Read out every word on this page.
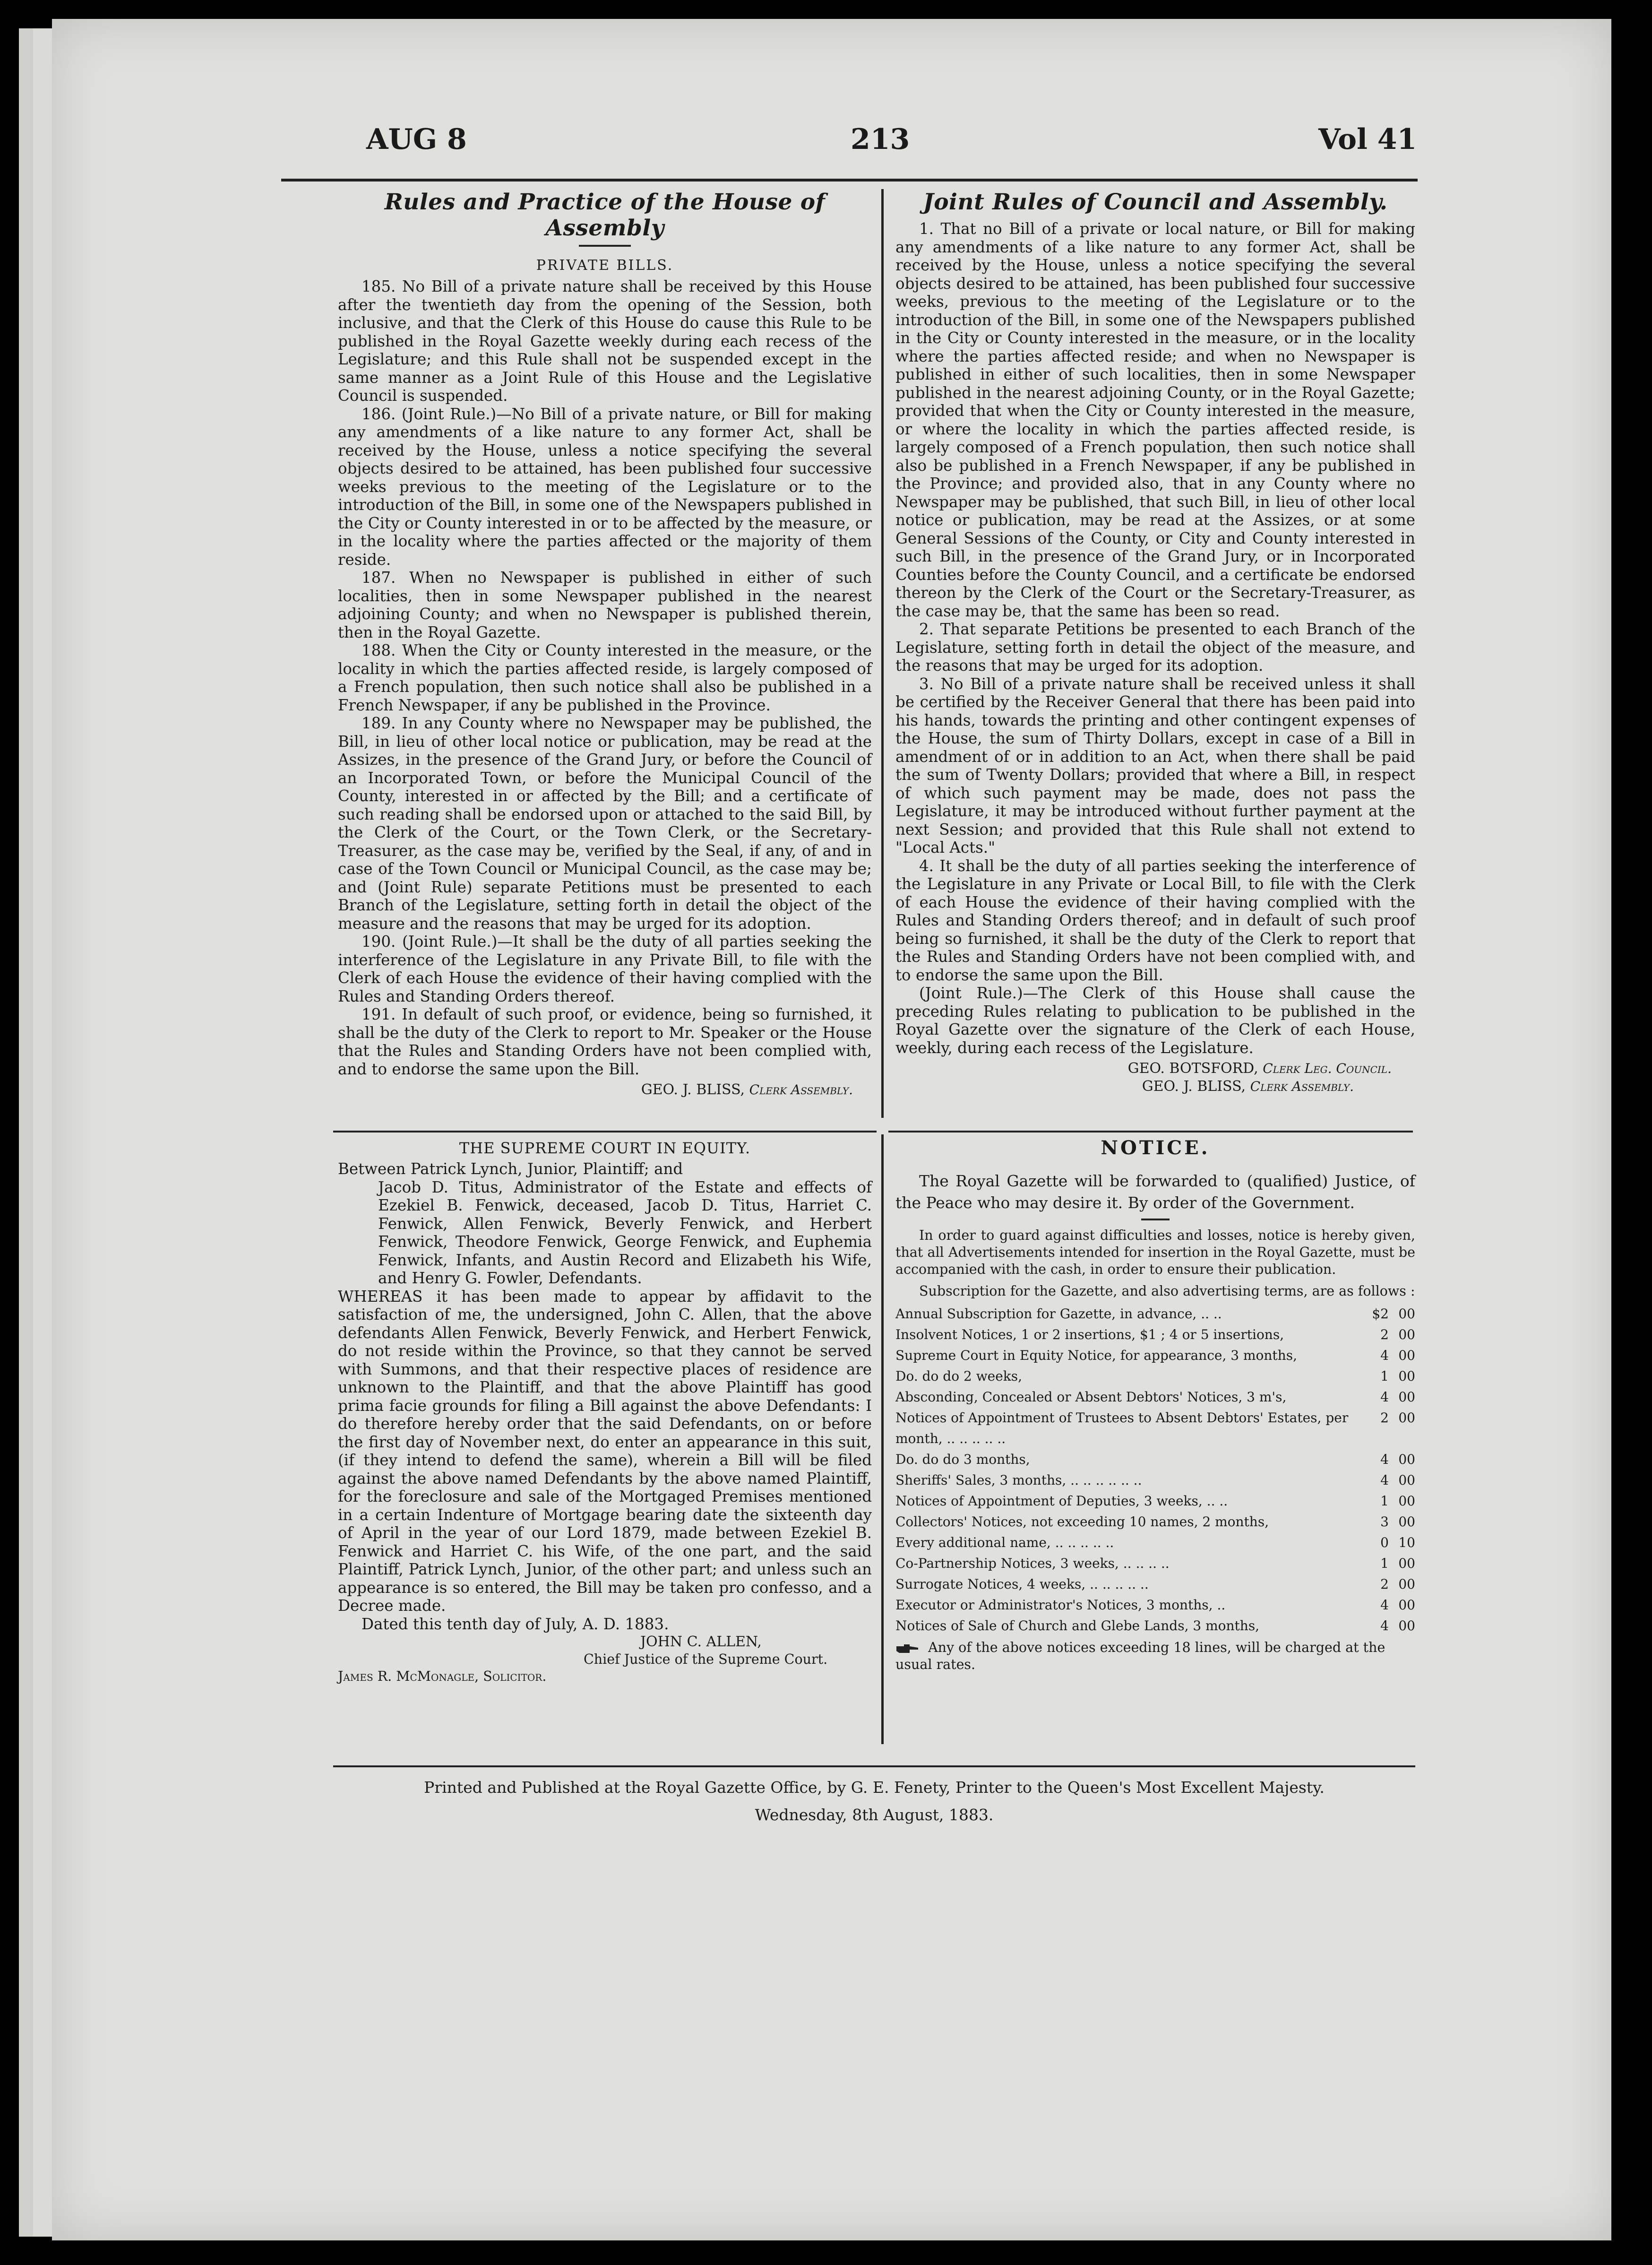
AUG 8	213	Vol 41
Rules and Practice of the House of Assembly
PRIVATE BILLS.

185. No Bill of a private nature shall be received by this House after the twentieth day from the opening of the Session, both inclusive, and that the Clerk of this House do cause this Rule to be published in the Royal Gazette weekly during each recess of the Legislature; and this Rule shall not be suspended except in the same manner as a Joint Rule of this House and the Legislative Council is suspended.

186. (Joint Rule.)—No Bill of a private nature, or Bill for making any amendments of a like nature to any former Act, shall be received by the House, unless a notice specifying the several objects desired to be attained, has been published four successive weeks previous to the meeting of the Legislature or to the introduction of the Bill, in some one of the Newspapers published in the City or County interested in or to be affected by the measure, or in the locality where the parties affected or the majority of them reside.

187. When no Newspaper is published in either of such localities, then in some Newspaper published in the nearest adjoining County; and when no Newspaper is published therein, then in the Royal Gazette.

188. When the City or County interested in the measure, or the locality in which the parties affected reside, is largely composed of a French population, then such notice shall also be published in a French Newspaper, if any be published in the Province.

189. In any County where no Newspaper may be published, the Bill, in lieu of other local notice or publication, may be read at the Assizes, in the presence of the Grand Jury, or before the Council of an Incorporated Town, or before the Municipal Council of the County, interested in or affected by the Bill; and a certificate of such reading shall be endorsed upon or attached to the said Bill, by the Clerk of the Court, or the Town Clerk, or the Secretary-Treasurer, as the case may be, verified by the Seal, if any, of and in case of the Town Council or Municipal Council, as the case may be; and (Joint Rule) separate Petitions must be presented to each Branch of the Legislature, setting forth in detail the object of the measure and the reasons that may be urged for its adoption.

190. (Joint Rule.)—It shall be the duty of all parties seeking the interference of the Legislature in any Private Bill, to file with the Clerk of each House the evidence of their having complied with the Rules and Standing Orders thereof.

191. In default of such proof, or evidence, being so furnished, it shall be the duty of the Clerk to report to Mr. Speaker or the House that the Rules and Standing Orders have not been complied with, and to endorse the same upon the Bill.

GEO. J. BLISS, Clerk Assembly.
Joint Rules of Council and Assembly.

1. That no Bill of a private or local nature, or Bill for making any amendments of a like nature to any former Act, shall be received by the House, unless a notice specifying the several objects desired to be attained, has been published four successive weeks, previous to the meeting of the Legislature or to the introduction of the Bill, in some one of the Newspapers published in the City or County interested in the measure, or in the locality where the parties affected reside; and when no Newspaper is published in either of such localities, then in some Newspaper published in the nearest adjoining County, or in the Royal Gazette; provided that when the City or County interested in the measure, or where the locality in which the parties affected reside, is largely composed of a French population, then such notice shall also be published in a French Newspaper, if any be published in the Province; and provided also, that in any County where no Newspaper may be published, that such Bill, in lieu of other local notice or publication, may be read at the Assizes, or at some General Sessions of the County, or City and County interested in such Bill, in the presence of the Grand Jury, or in Incorporated Counties before the County Council, and a certificate be endorsed thereon by the Clerk of the Court or the Secretary-Treasurer, as the case may be, that the same has been so read.

2. That separate Petitions be presented to each Branch of the Legislature, setting forth in detail the object of the measure, and the reasons that may be urged for its adoption.

3. No Bill of a private nature shall be received unless it shall be certified by the Receiver General that there has been paid into his hands, towards the printing and other contingent expenses of the House, the sum of Thirty Dollars, except in case of a Bill in amendment of or in addition to an Act, when there shall be paid the sum of Twenty Dollars; provided that where a Bill, in respect of which such payment may be made, does not pass the Legislature, it may be introduced without further payment at the next Session; and provided that this Rule shall not extend to "Local Acts."

4. It shall be the duty of all parties seeking the interference of the Legislature in any Private or Local Bill, to file with the Clerk of each House the evidence of their having complied with the Rules and Standing Orders thereof; and in default of such proof being so furnished, it shall be the duty of the Clerk to report that the Rules and Standing Orders have not been complied with, and to endorse the same upon the Bill.

(Joint Rule.)—The Clerk of this House shall cause the preceding Rules relating to publication to be published in the Royal Gazette over the signature of the Clerk of each House, weekly, during each recess of the Legislature.

GEO. BOTSFORD, Clerk Leg. Council.
GEO. J. BLISS, Clerk Assembly.
THE SUPREME COURT IN EQUITY.

Between Patrick Lynch, Junior, Plaintiff; and

Jacob D. Titus, Administrator of the Estate and effects of Ezekiel B. Fenwick, deceased, Jacob D. Titus, Harriet C. Fenwick, Allen Fenwick, Beverly Fenwick, and Herbert Fenwick, Theodore Fenwick, George Fenwick, and Euphemia Fenwick, Infants, and Austin Record and Elizabeth his Wife, and Henry G. Fowler, Defendants.

WHEREAS it has been made to appear by affidavit to the satisfaction of me, the undersigned, John C. Allen, that the above defendants Allen Fenwick, Beverly Fenwick, and Herbert Fenwick, do not reside within the Province, so that they cannot be served with Summons, and that their respective places of residence are unknown to the Plaintiff, and that the above Plaintiff has good prima facie grounds for filing a Bill against the above Defendants: I do therefore hereby order that the said Defendants, on or before the first day of November next, do enter an appearance in this suit, (if they intend to defend the same), wherein a Bill will be filed against the above named Defendants by the above named Plaintiff, for the foreclosure and sale of the Mortgaged Premises mentioned in a certain Indenture of Mortgage bearing date the sixteenth day of April in the year of our Lord 1879, made between Ezekiel B. Fenwick and Harriet C. his Wife, of the one part, and the said Plaintiff, Patrick Lynch, Junior, of the other part; and unless such an appearance is so entered, the Bill may be taken pro confesso, and a Decree made.

Dated this tenth day of July, A. D. 1883.

JOHN C. ALLEN,
Chief Justice of the Supreme Court.
James R. McMonagle, Solicitor.
NOTICE.

The Royal Gazette will be forwarded to (qualified) Justice, of the Peace who may desire it. By order of the Government.

In order to guard against difficulties and losses, notice is hereby given, that all Advertisements intended for insertion in the Royal Gazette, must be accompanied with the cash, in order to ensure their publication.

Subscription for the Gazette, and also advertising terms, are as follows :

Annual Subscription for Gazette, in advance, .. ..	$2 00
Insolvent Notices, 1 or 2 insertions, $1 ; 4 or 5 insertions,	2 00
Supreme Court in Equity Notice, for appearance, 3 months,	4 00
Do. do do 2 weeks,	1 00
Absconding, Concealed or Absent Debtors' Notices, 3 m's,	4 00
Notices of Appointment of Trustees to Absent Debtors' Estates, per month, .. .. .. .. ..
2 00
Do. do do 3 months,	4 00
Sheriffs' Sales, 3 months, .. .. .. .. .. ..	4 00
Notices of Appointment of Deputies, 3 weeks, .. ..	1 00
Collectors' Notices, not exceeding 10 names, 2 months,	3 00
Every additional name, .. .. .. .. ..	0 10
Co-Partnership Notices, 3 weeks, .. .. .. ..	1 00
Surrogate Notices, 4 weeks, .. .. .. .. ..	2 00
Executor or Administrator's Notices, 3 months, ..	4 00
Notices of Sale of Church and Glebe Lands, 3 months,	4 00
Any of the above notices exceeding 18 lines, will be charged at the usual rates.
Printed and Published at the Royal Gazette Office, by G. E. Fenety, Printer to the Queen's Most Excellent Majesty.
Wednesday, 8th August, 1883.
